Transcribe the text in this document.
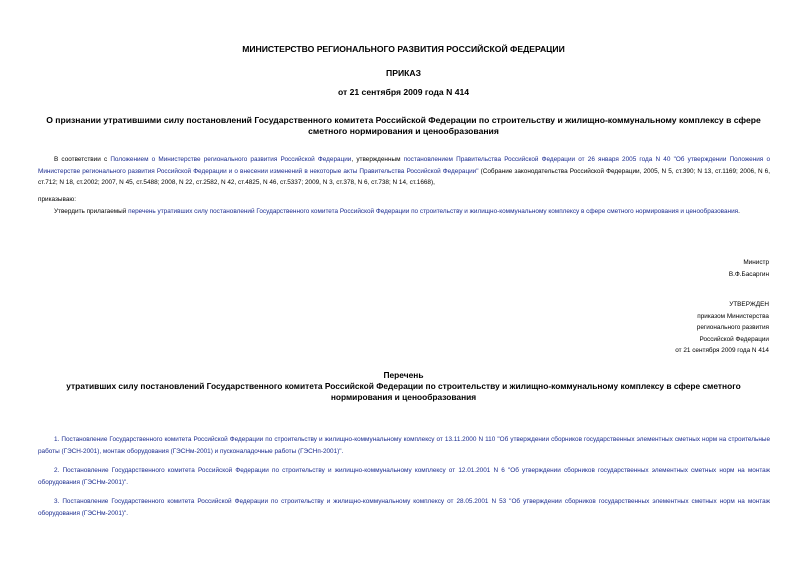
МИНИСТЕРСТВО РЕГИОНАЛЬНОГО РАЗВИТИЯ РОССИЙСКОЙ ФЕДЕРАЦИИ
ПРИКАЗ
от 21 сентября 2009 года N 414
О признании утратившими силу постановлений Государственного комитета Российской Федерации по строительству и жилищно-коммунальному комплексу в сфере сметного нормирования и ценообразования
В соответствии с Положением о Министерстве регионального развития Российской Федерации, утвержденным постановлением Правительства Российской Федерации от 26 января 2005 года N 40 "Об утверждении Положения о Министерстве регионального развития Российской Федерации и о внесении изменений в некоторые акты Правительства Российской Федерации" (Собрание законодательства Российской Федерации, 2005, N 5, ст.390; N 13, ст.1169; 2006, N 6, ст.712; N 18, ст.2002; 2007, N 45, ст.5488; 2008, N 22, ст.2582, N 42, ст.4825, N 46, ст.5337; 2009, N 3, ст.378, N 6, ст.738; N 14, ст.1668),
приказываю:
Утвердить прилагаемый перечень утративших силу постановлений Государственного комитета Российской Федерации по строительству и жилищно-коммунальному комплексу в сфере сметного нормирования и ценообразования.
Министр
В.Ф.Басаргин
УТВЕРЖДЕН
приказом Министерства
регионального развития
Российской Федерации
от 21 сентября 2009 года N 414
Перечень
утративших силу постановлений Государственного комитета Российской Федерации по строительству и жилищно-коммунальному комплексу в сфере сметного нормирования и ценообразования
1. Постановление Государственного комитета Российской Федерации по строительству и жилищно-коммунальному комплексу от 13.11.2000 N 110 "Об утверждении сборников государственных элементных сметных норм на строительные работы (ГЭСН-2001), монтаж оборудования (ГЭСНм-2001) и пусконаладочные работы (ГЭСНп-2001)".
2. Постановление Государственного комитета Российской Федерации по строительству и жилищно-коммунальному комплексу от 12.01.2001 N 6 "Об утверждении сборников государственных элементных сметных норм на монтаж оборудования (ГЭСНм-2001)".
3. Постановление Государственного комитета Российской Федерации по строительству и жилищно-коммунальному комплексу от 28.05.2001 N 53 "Об утверждении сборников государственных элементных сметных норм на монтаж оборудования (ГЭСНм-2001)".
